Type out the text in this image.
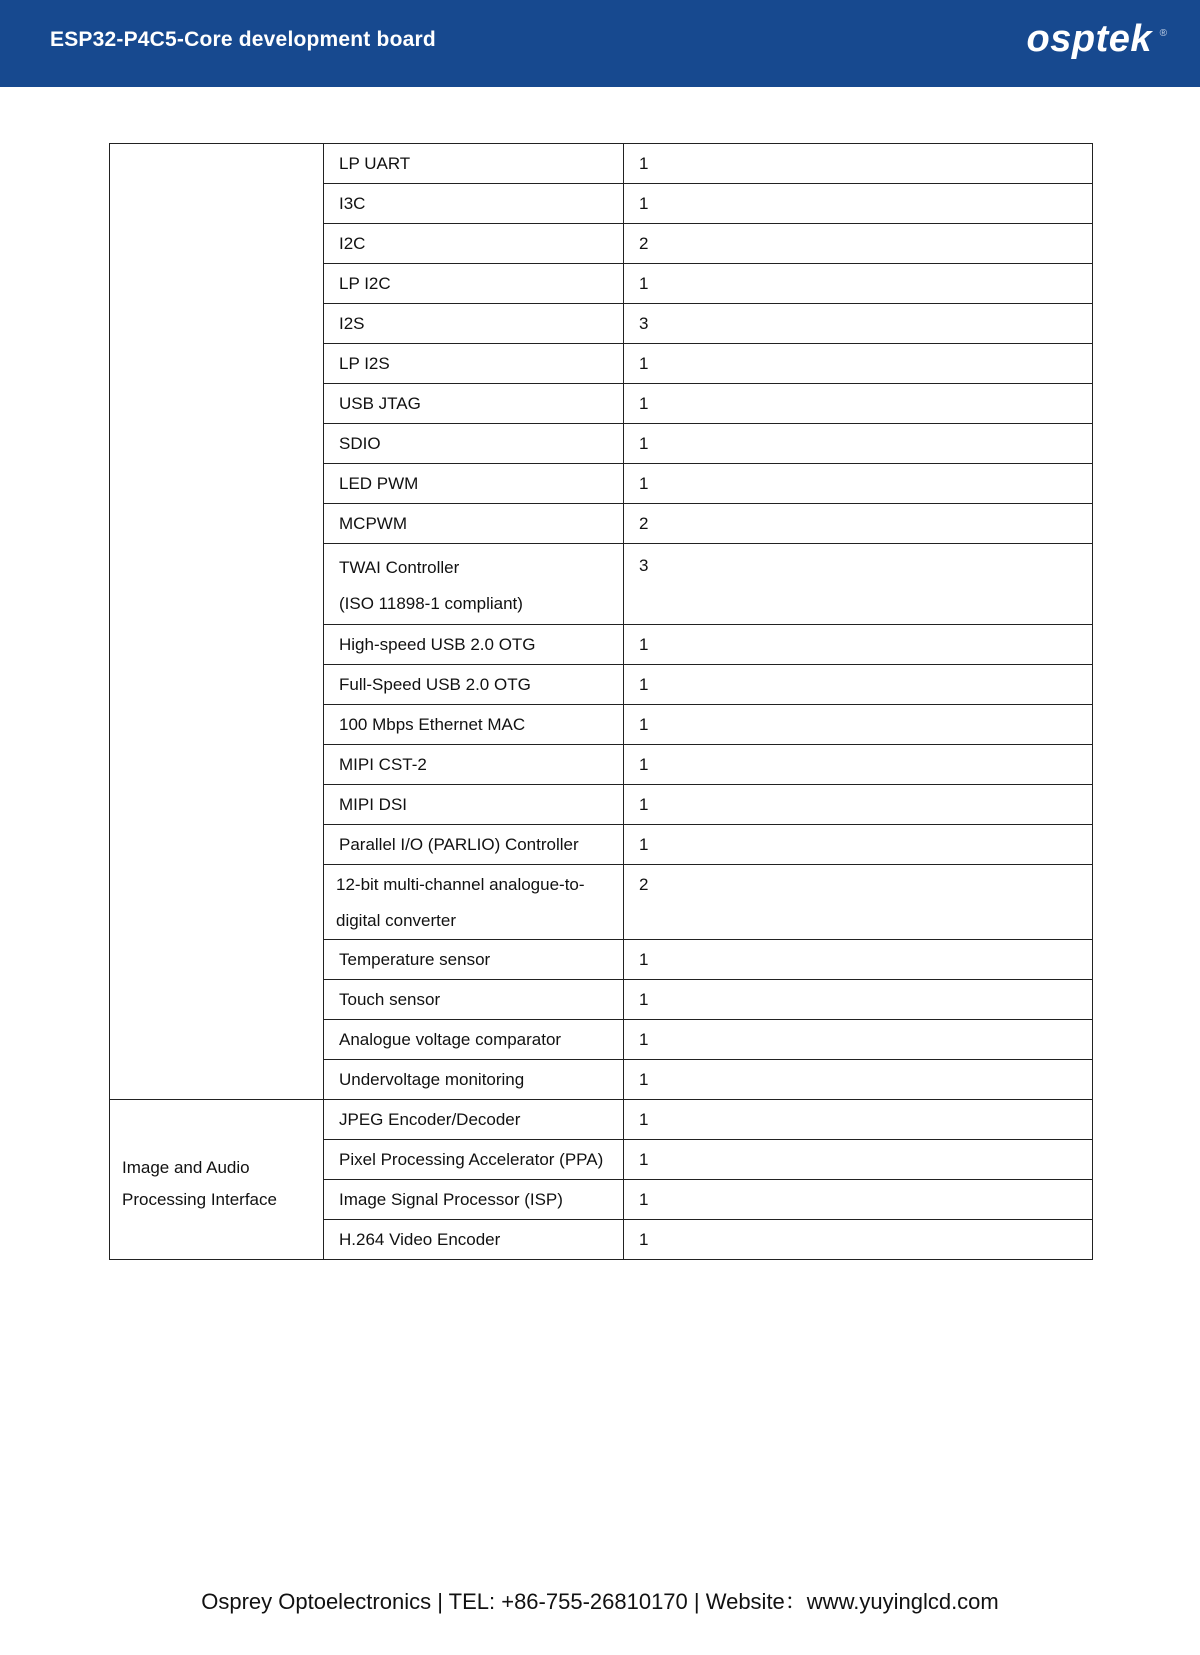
ESP32-P4C5-Core development board	osptek ®
	LP UART	1
	I3C	1
	I2C	2
	LP I2C	1
	I2S	3
	LP I2S	1
	USB JTAG	1
	SDIO	1
	LED PWM	1
	MCPWM	2

	TWAI Controller
(ISO 11898-1 compliant)	3
	High-speed USB 2.0 OTG	1
	Full-Speed USB 2.0 OTG	1
	100 Mbps Ethernet MAC	1
	MIPI CST-2	1
	MIPI DSI	1
	Parallel I/O (PARLIO) Controller	1

	12-bit multi-channel analogue-to-
digital converter	2
	Temperature sensor	1
	Touch sensor	1
	Analogue voltage comparator	1
	Undervoltage monitoring	1

Image and Audio
Processing Interface	JPEG Encoder/Decoder	1
	Pixel Processing Accelerator (PPA)	1
	Image Signal Processor (ISP)	1
	H.264 Video Encoder	1
Osprey Optoelectronics | TEL: +86-755-26810170 | Website：www.yuyinglcd.com
